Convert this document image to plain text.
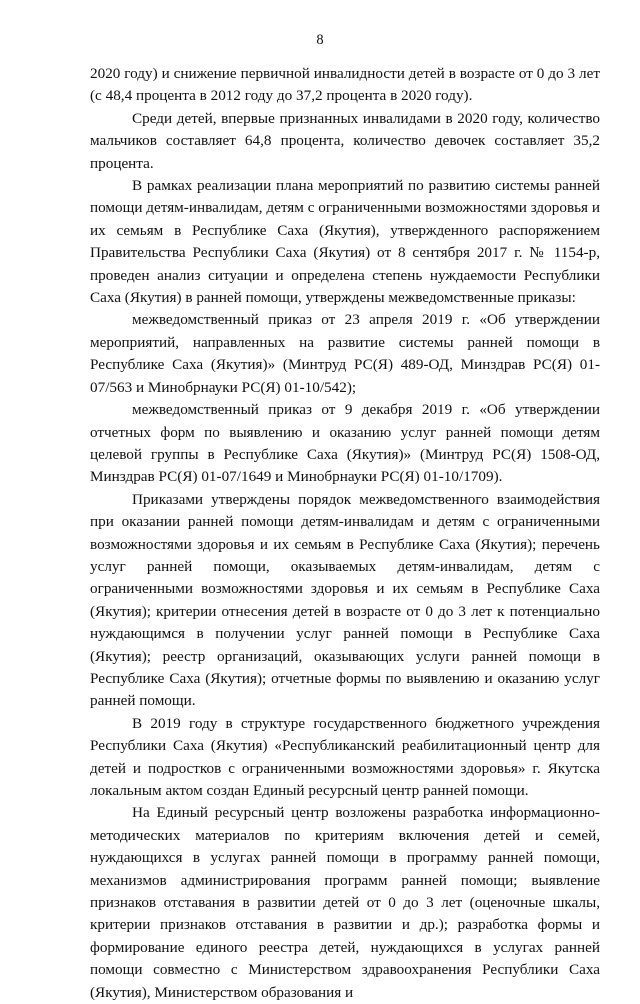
8

2020 году) и снижение первичной инвалидности детей в возрасте от 0 до 3 лет (с 48,4 процента в 2012 году до 37,2 процента в 2020 году).

Среди детей, впервые признанных инвалидами в 2020 году, количество мальчиков составляет 64,8 процента, количество девочек составляет 35,2 процента.

В рамках реализации плана мероприятий по развитию системы ранней помощи детям-инвалидам, детям с ограниченными возможностями здоровья и их семьям в Республике Саха (Якутия), утвержденного распоряжением Правительства Республики Саха (Якутия) от 8 сентября 2017 г. № 1154-р, проведен анализ ситуации и определена степень нуждаемости Республики Саха (Якутия) в ранней помощи, утверждены межведомственные приказы:

межведомственный приказ от 23 апреля 2019 г. «Об утверждении мероприятий, направленных на развитие системы ранней помощи в Республике Саха (Якутия)» (Минтруд РС(Я) 489-ОД, Минздрав РС(Я) 01-07/563 и Минобрнауки РС(Я) 01-10/542);

межведомственный приказ от 9 декабря 2019 г. «Об утверждении отчетных форм по выявлению и оказанию услуг ранней помощи детям целевой группы в Республике Саха (Якутия)» (Минтруд РС(Я) 1508-ОД, Минздрав РС(Я) 01-07/1649 и Минобрнауки РС(Я) 01-10/1709).

Приказами утверждены порядок межведомственного взаимодействия при оказании ранней помощи детям-инвалидам и детям с ограниченными возможностями здоровья и их семьям в Республике Саха (Якутия); перечень услуг ранней помощи, оказываемых детям-инвалидам, детям с ограниченными возможностями здоровья и их семьям в Республике Саха (Якутия); критерии отнесения детей в возрасте от 0 до 3 лет к потенциально нуждающимся в получении услуг ранней помощи в Республике Саха (Якутия); реестр организаций, оказывающих услуги ранней помощи в Республике Саха (Якутия); отчетные формы по выявлению и оказанию услуг ранней помощи.

В 2019 году в структуре государственного бюджетного учреждения Республики Саха (Якутия) «Республиканский реабилитационный центр для детей и подростков с ограниченными возможностями здоровья» г. Якутска локальным актом создан Единый ресурсный центр ранней помощи.

На Единый ресурсный центр возложены разработка информационно-методических материалов по критериям включения детей и семей, нуждающихся в услугах ранней помощи в программу ранней помощи, механизмов администрирования программ ранней помощи; выявление признаков отставания в развитии детей от 0 до 3 лет (оценочные шкалы, критерии признаков отставания в развитии и др.); разработка формы и формирование единого реестра детей, нуждающихся в услугах ранней помощи совместно с Министерством здравоохранения Республики Саха (Якутия), Министерством образования и
